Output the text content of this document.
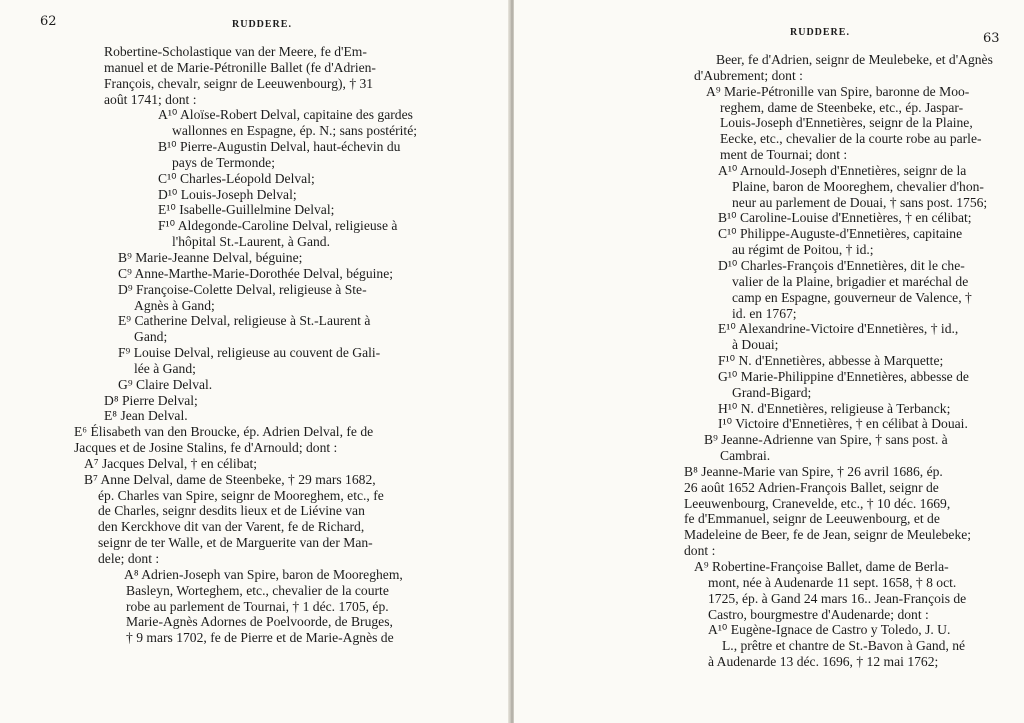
62	RUDDERE.
Robertine-Scholastique van der Meere, fe d'Em-
manuel et de Marie-Pétronille Ballet (fe d'Adrien-
François, chevalr, seignr de Leeuwenbourg), † 31
août 1741; dont :
A¹⁰ Aloïse-Robert Delval, capitaine des gardes
wallonnes en Espagne, ép. N.; sans postérité;
B¹⁰ Pierre-Augustin Delval, haut-échevin du
pays de Termonde;
C¹⁰ Charles-Léopold Delval;
D¹⁰ Louis-Joseph Delval;
E¹⁰ Isabelle-Guillelmine Delval;
F¹⁰ Aldegonde-Caroline Delval, religieuse à
l'hôpital St.-Laurent, à Gand.
B⁹ Marie-Jeanne Delval, béguine;
C⁹ Anne-Marthe-Marie-Dorothée Delval, béguine;
D⁹ Françoise-Colette Delval, religieuse à Ste-
Agnès à Gand;
E⁹ Catherine Delval, religieuse à St.-Laurent à
Gand;
F⁹ Louise Delval, religieuse au couvent de Gali-
lée à Gand;
G⁹ Claire Delval.
D⁸ Pierre Delval;
E⁸ Jean Delval.
E⁶ Élisabeth van den Broucke, ép. Adrien Delval, fe de
Jacques et de Josine Stalins, fe d'Arnould; dont :
A⁷ Jacques Delval, † en célibat;
B⁷ Anne Delval, dame de Steenbeke, † 29 mars 1682,
ép. Charles van Spire, seignr de Mooreghem, etc., fe
de Charles, seignr desdits lieux et de Liévine van
den Kerckhove dit van der Varent, fe de Richard,
seignr de ter Walle, et de Marguerite van der Man-
dele; dont :
A⁸ Adrien-Joseph van Spire, baron de Mooreghem,
Basleyn, Worteghem, etc., chevalier de la courte
robe au parlement de Tournai, † 1 déc. 1705, ép.
Marie-Agnès Adornes de Poelvoorde, de Bruges,
† 9 mars 1702, fe de Pierre et de Marie-Agnès de
63
RUDDERE.
Beer, fe d'Adrien, seignr de Meulebeke, et d'Agnès
d'Aubrement; dont :
A⁹ Marie-Pétronille van Spire, baronne de Moo-
reghem, dame de Steenbeke, etc., ép. Jaspar-
Louis-Joseph d'Ennetières, seignr de la Plaine,
Eecke, etc., chevalier de la courte robe au parle-
ment de Tournai; dont :
A¹⁰ Arnould-Joseph d'Ennetières, seignr de la
Plaine, baron de Mooreghem, chevalier d'hon-
neur au parlement de Douai, † sans post. 1756;
B¹⁰ Caroline-Louise d'Ennetières, † en célibat;
C¹⁰ Philippe-Auguste-d'Ennetières, capitaine
au régimt de Poitou, † id.;
D¹⁰ Charles-François d'Ennetières, dit le che-
valier de la Plaine, brigadier et maréchal de
camp en Espagne, gouverneur de Valence, †
id. en 1767;
E¹⁰ Alexandrine-Victoire d'Ennetières, † id.,
à Douai;
F¹⁰ N. d'Ennetières, abbesse à Marquette;
G¹⁰ Marie-Philippine d'Ennetières, abbesse de
Grand-Bigard;
H¹⁰ N. d'Ennetières, religieuse à Terbanck;
I¹⁰ Victoire d'Ennetières, † en célibat à Douai.
B⁹ Jeanne-Adrienne van Spire, † sans post. à
Cambrai.
B⁸ Jeanne-Marie van Spire, † 26 avril 1686, ép.
26 août 1652 Adrien-François Ballet, seignr de
Leeuwenbourg, Cranevelde, etc., † 10 déc. 1669,
fe d'Emmanuel, seignr de Leeuwenbourg, et de
Madeleine de Beer, fe de Jean, seignr de Meulebeke;
dont :
A⁹ Robertine-Françoise Ballet, dame de Berla-
mont, née à Audenarde 11 sept. 1658, † 8 oct.
1725, ép. à Gand 24 mars 16.. Jean-François de
Castro, bourgmestre d'Audenarde; dont :
A¹⁰ Eugène-Ignace de Castro y Toledo, J. U.
L., prêtre et chantre de St.-Bavon à Gand, né
à Audenarde 13 déc. 1696, † 12 mai 1762;
